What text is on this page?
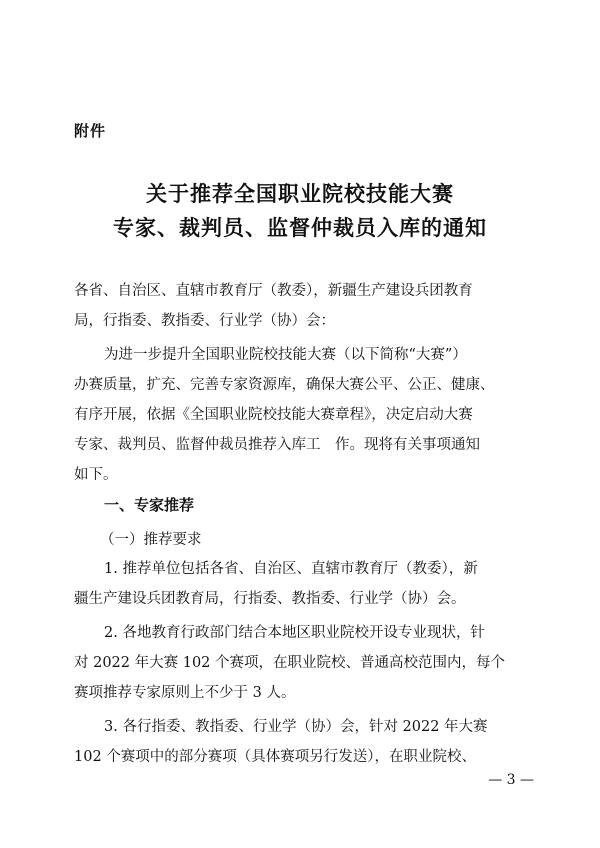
附件
关于推荐全国职业院校技能大赛
专家、裁判员、监督仲裁员入库的通知
各省、自治区、直辖市教育厅（教委），新疆生产建设兵团教育
局，行指委、教指委、行业学（协）会：
为进一步提升全国职业院校技能大赛（以下简称“大赛”）
办赛质量，扩充、完善专家资源库，确保大赛公平、公正、健康、
有序开展，依据《全国职业院校技能大赛章程》，决定启动大赛
专家、裁判员、监督仲裁员推荐入库工　作。现将有关事项通知
如下。
一、专家推荐
（一）推荐要求
1. 推荐单位包括各省、自治区、直辖市教育厅（教委），新
疆生产建设兵团教育局，行指委、教指委、行业学（协）会。
2. 各地教育行政部门结合本地区职业院校开设专业现状，针
对 2022 年大赛 102 个赛项，在职业院校、普通高校范围内，每个
赛项推荐专家原则上不少于 3 人。
3. 各行指委、教指委、行业学（协）会，针对 2022 年大赛
102 个赛项中的部分赛项（具体赛项另行发送），在职业院校、
— 3 —
